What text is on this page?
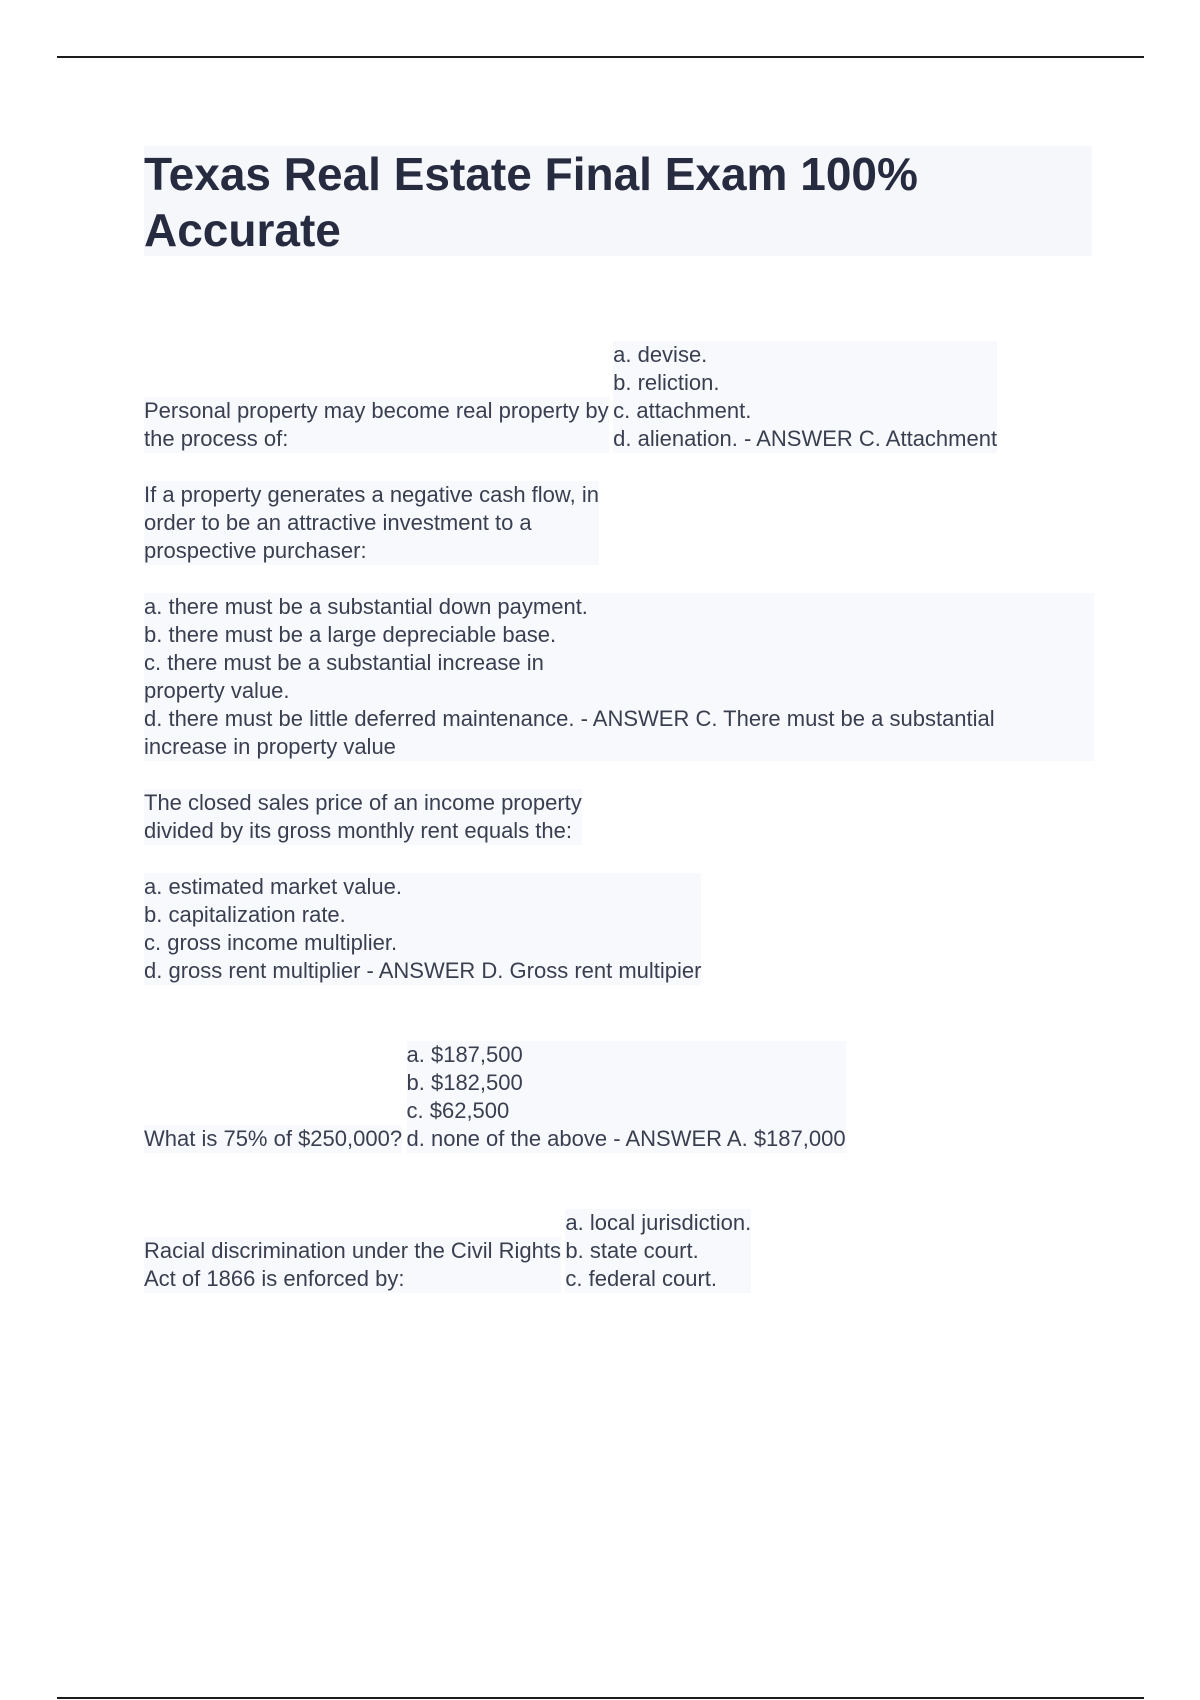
Texas Real Estate Final Exam 100%
Accurate
Personal property may become real property by
the process of:

a. devise.
b. reliction.
c. attachment.
d. alienation. - ANSWER C. Attachment
If a property generates a negative cash flow, in
order to be an attractive investment to a
prospective purchaser:
a. there must be a substantial down payment.
b. there must be a large depreciable base.
c. there must be a substantial increase in
property value.
d. there must be little deferred maintenance. - ANSWER C. There must be a substantial
increase in property value
The closed sales price of an income property
divided by its gross monthly rent equals the:

a. estimated market value.
b. capitalization rate.
c. gross income multiplier.
d. gross rent multiplier - ANSWER D. Gross rent multipier
What is 75% of $250,000?

a. $187,500
b. $182,500
c. $62,500
d. none of the above - ANSWER A. $187,000
Racial discrimination under the Civil Rights
Act of 1866 is enforced by:

a. local jurisdiction.
b. state court.
c. federal court.
